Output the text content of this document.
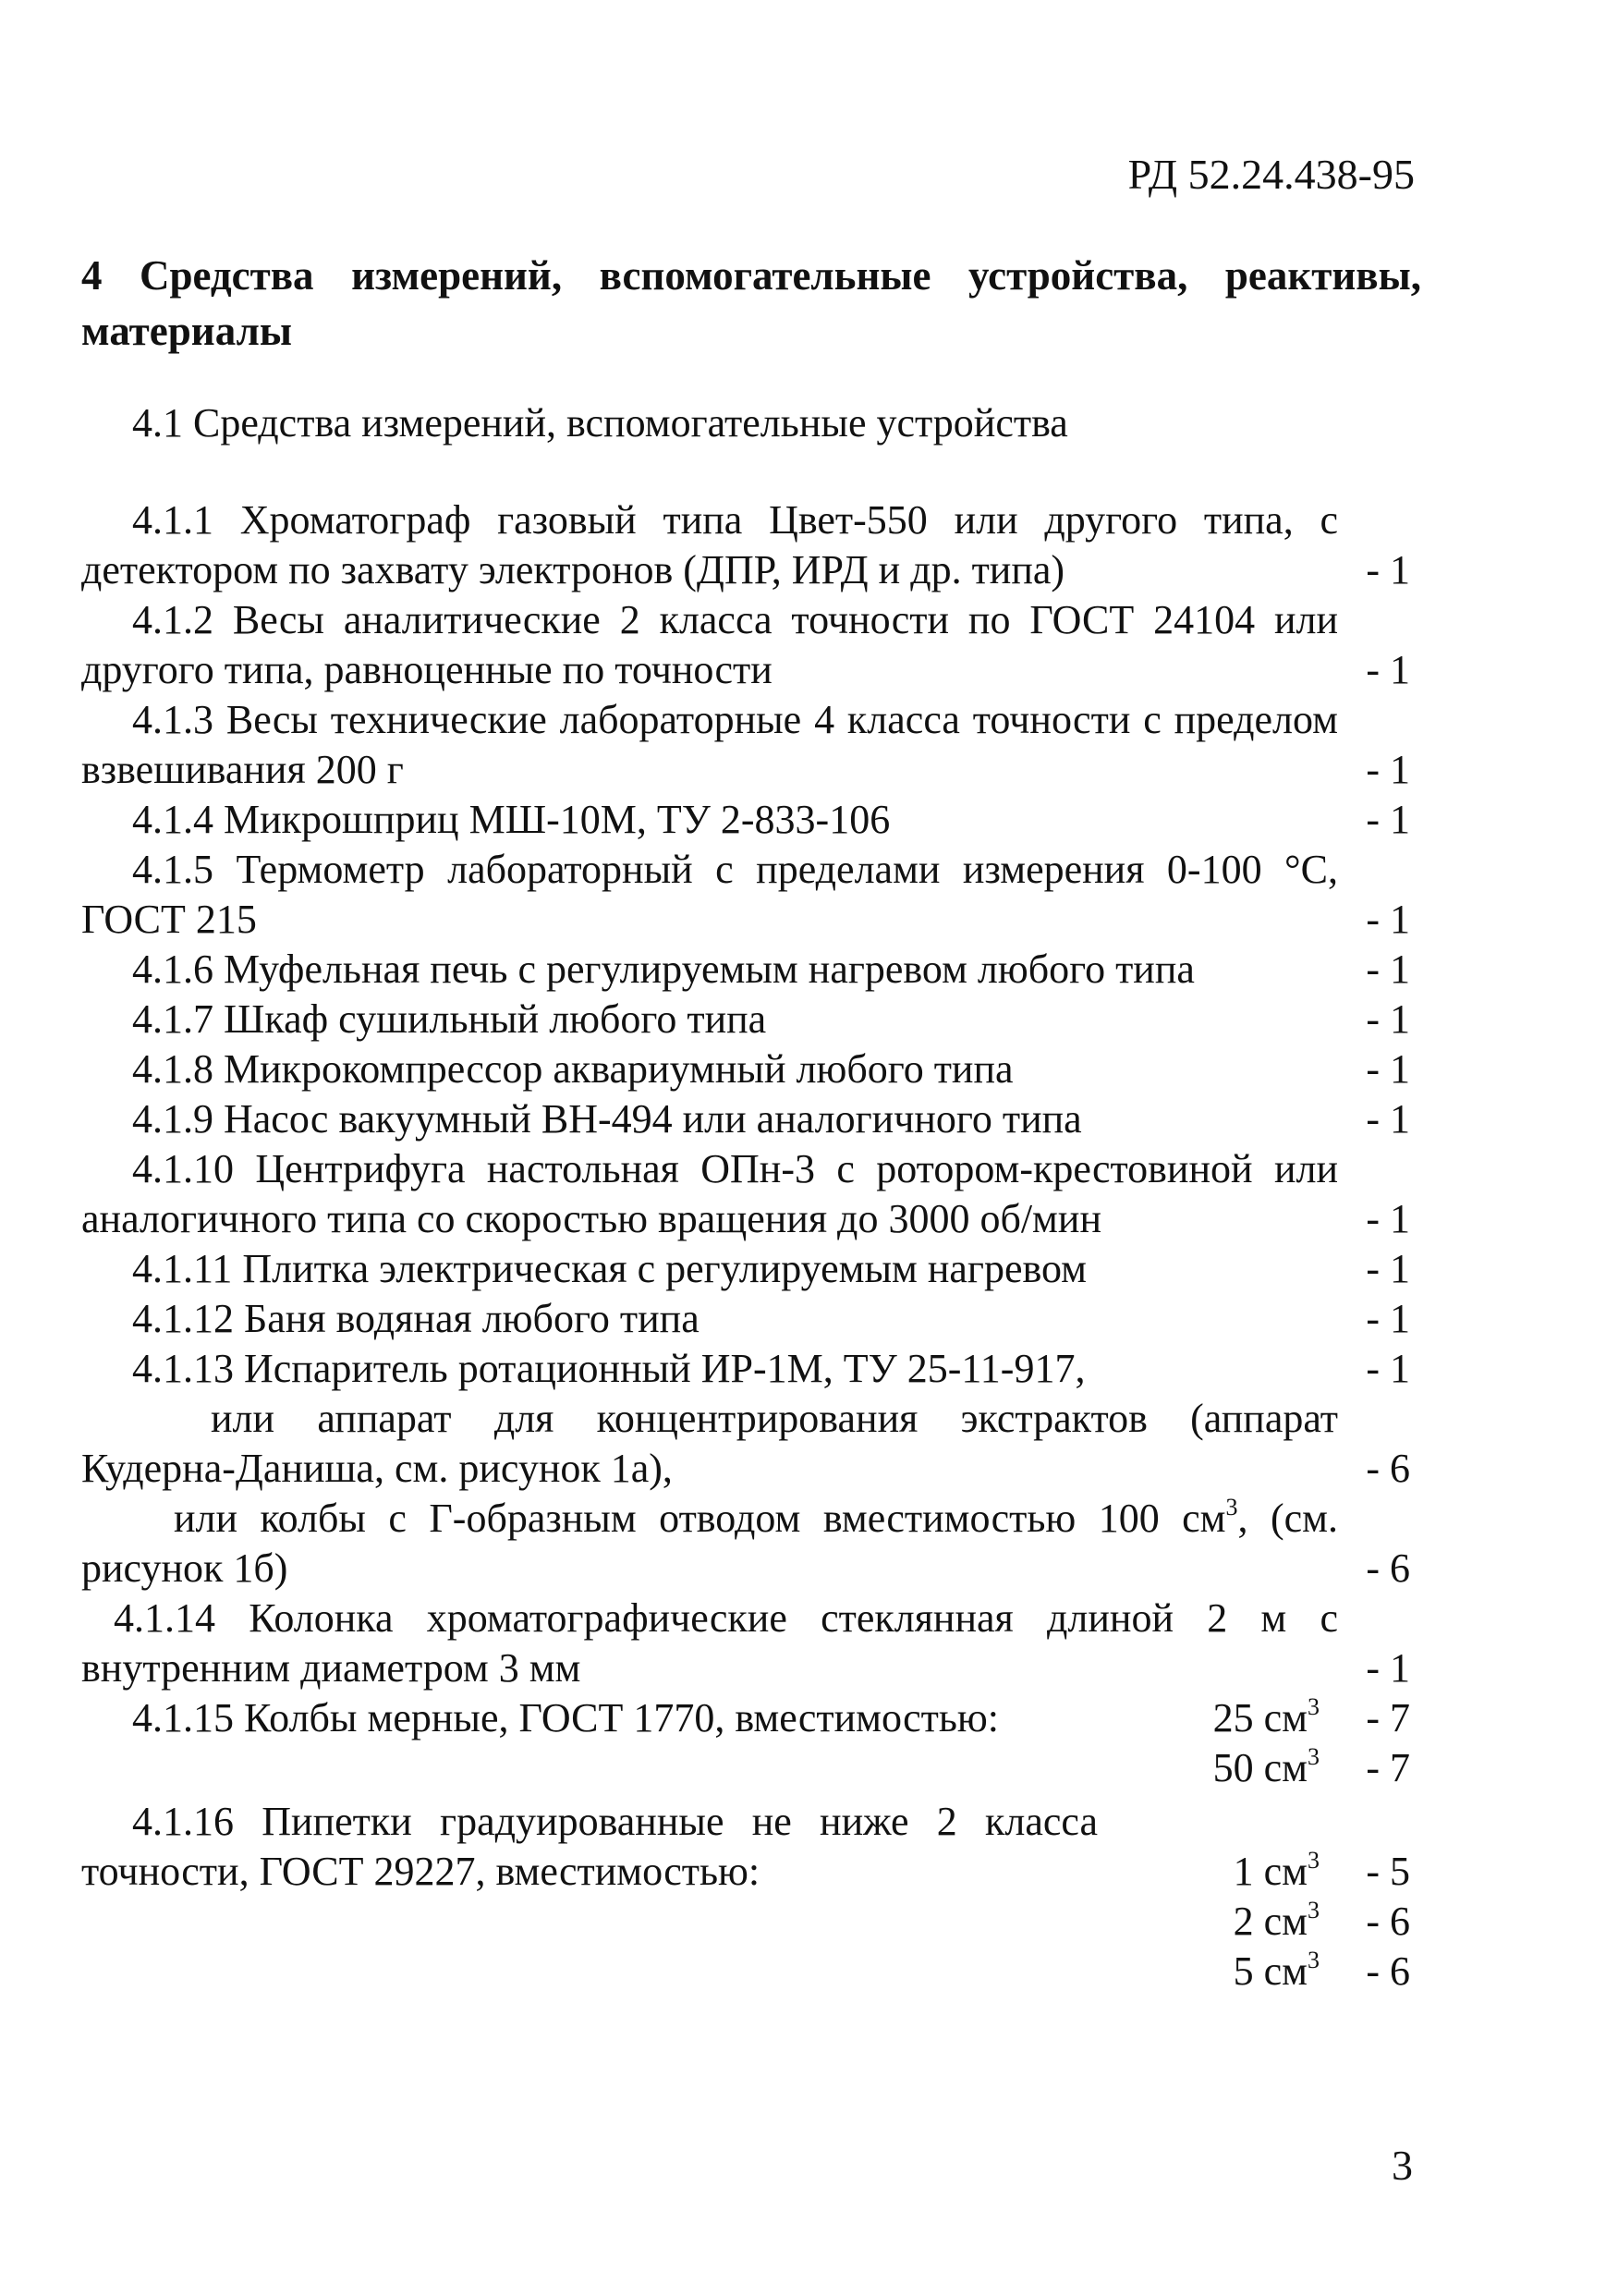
РД 52.24.438-95
4 Средства измерений, вспомогательные устройства, реактивы, материалы
4.1 Средства измерений, вспомогательные устройства
4.1.1 Хроматограф газовый типа Цвет-550 или другого типа, с детектором по захвату электронов (ДПР, ИРД и др. типа)	- 1
4.1.2 Весы аналитические 2 класса точности по ГОСТ 24104 или другого типа, равноценные по точности	- 1
4.1.3 Весы технические лабораторные 4 класса точности с пределом взвешивания 200 г	- 1
4.1.4 Микрошприц МШ-10М, ТУ 2-833-106	- 1
4.1.5 Термометр лабораторный с пределами измерения 0-100 °С, ГОСТ 215	- 1
4.1.6 Муфельная печь с регулируемым нагревом любого типа	- 1
4.1.7 Шкаф сушильный любого типа	- 1
4.1.8 Микрокомпрессор аквариумный любого типа	- 1
4.1.9 Насос вакуумный ВН-494 или аналогичного типа	- 1
4.1.10 Центрифуга настольная ОПн-3 с ротором-крестовиной или аналогичного типа со скоростью вращения до 3000 об/мин	- 1
4.1.11 Плитка электрическая с регулируемым нагревом	- 1
4.1.12 Баня водяная любого типа	- 1
4.1.13 Испаритель ротационный ИР-1М, ТУ 25-11-917,	- 1
или аппарат для концентрирования экстрактов (аппарат Кудерна-Даниша, см. рисунок 1а),	- 6
или колбы с Г-образным отводом вместимостью 100 $см^3$, (см. рисунок 1б)	- 6
4.1.14 Колонка хроматографические стеклянная длиной 2 м с внутренним диаметром 3 мм	- 1
4.1.15 Колбы мерные, ГОСТ 1770, вместимостью:	25 $см^3$	- 7
50 $см^3$	- 7
4.1.16 Пипетки градуированные не ниже 2 класса точности, ГОСТ 29227, вместимостью:	1 $см^3$	- 5
2 $см^3$	- 6
5 $см^3$	- 6
3
